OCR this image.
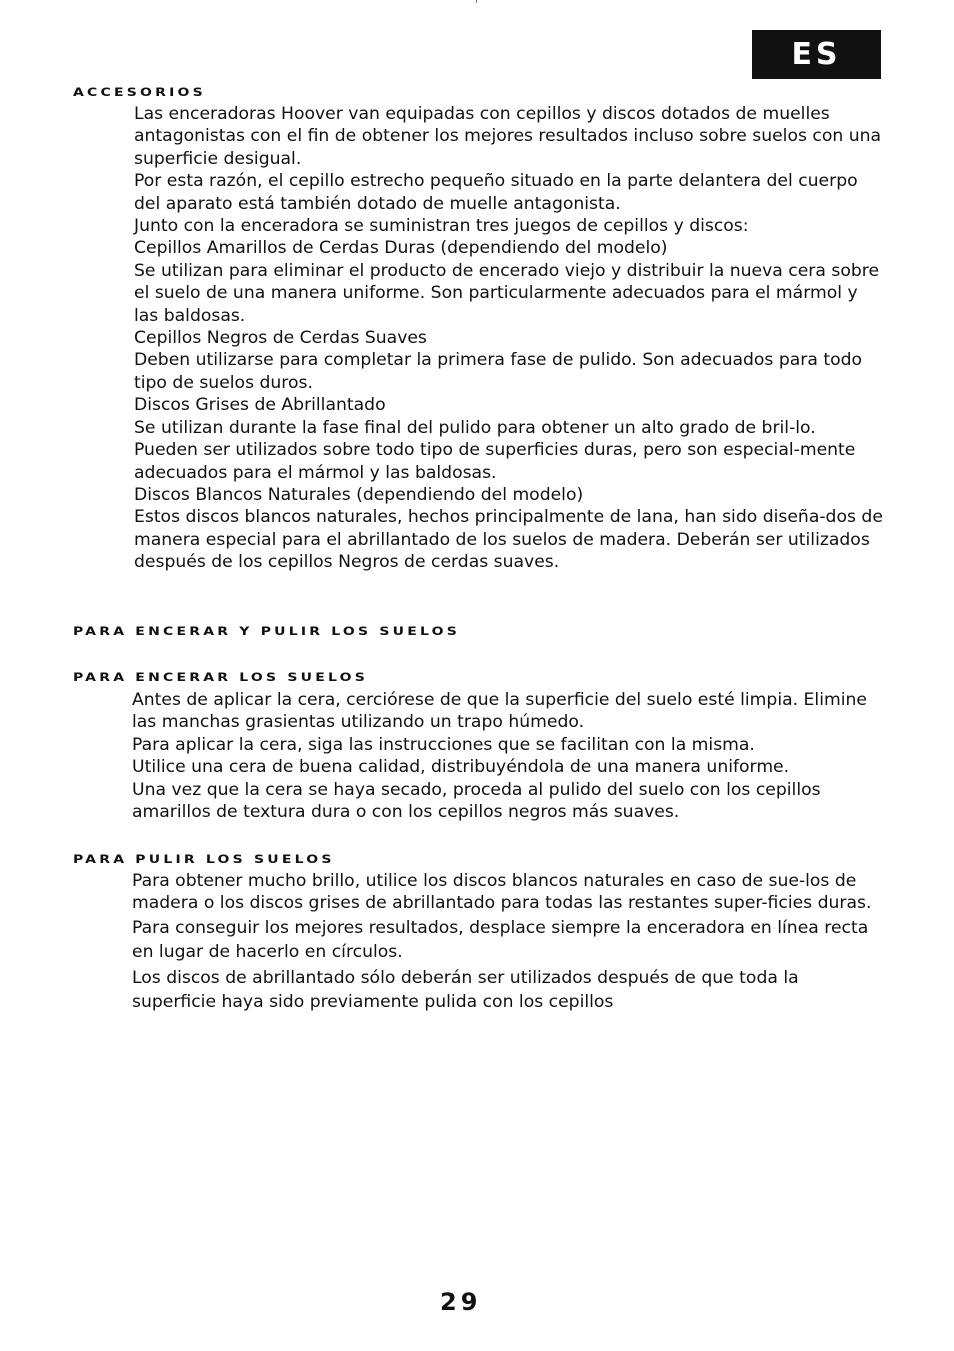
ES
ACCESORIOS

Las enceradoras Hoover van equipadas con cepillos y discos dotados de muelles antagonistas con el fin de obtener los mejores resultados incluso sobre suelos con una superficie desigual.

Por esta razón, el cepillo estrecho pequeño situado en la parte delantera del cuerpo del aparato está también dotado de muelle antagonista.

Junto con la enceradora se suministran tres juegos de cepillos y discos:

Cepillos Amarillos de Cerdas Duras (dependiendo del modelo)

Se utilizan para eliminar el producto de encerado viejo y distribuir la nueva cera sobre el suelo de una manera uniforme. Son particularmente adecuados para el mármol y las baldosas.

Cepillos Negros de Cerdas Suaves

Deben utilizarse para completar la primera fase de pulido. Son adecuados para todo tipo de suelos duros.

Discos Grises de Abrillantado

Se utilizan durante la fase final del pulido para obtener un alto grado de bril-lo.

Pueden ser utilizados sobre todo tipo de superficies duras, pero son especial-mente adecuados para el mármol y las baldosas.

Discos Blancos Naturales (dependiendo del modelo)

Estos discos blancos naturales, hechos principalmente de lana, han sido diseña-dos de manera especial para el abrillantado de los suelos de madera. Deberán ser utilizados después de los cepillos Negros de cerdas suaves.

PARA ENCERAR Y PULIR LOS SUELOS
PARA ENCERAR LOS SUELOS

Antes de aplicar la cera, cerciórese de que la superficie del suelo esté limpia. Elimine las manchas grasientas utilizando un trapo húmedo.

Para aplicar la cera, siga las instrucciones que se facilitan con la misma.

Utilice una cera de buena calidad, distribuyéndola de una manera uniforme.

Una vez que la cera se haya secado, proceda al pulido del suelo con los cepillos amarillos de textura dura o con los cepillos negros más suaves.

PARA PULIR LOS SUELOS

Para obtener mucho brillo, utilice los discos blancos naturales en caso de sue-los de madera o los discos grises de abrillantado para todas las restantes super-ficies duras.

Para conseguir los mejores resultados, desplace siempre la enceradora en línea recta en lugar de hacerlo en círculos.

Los discos de abrillantado sólo deberán ser utilizados después de que toda la superficie haya sido previamente pulida con los cepillos

29
